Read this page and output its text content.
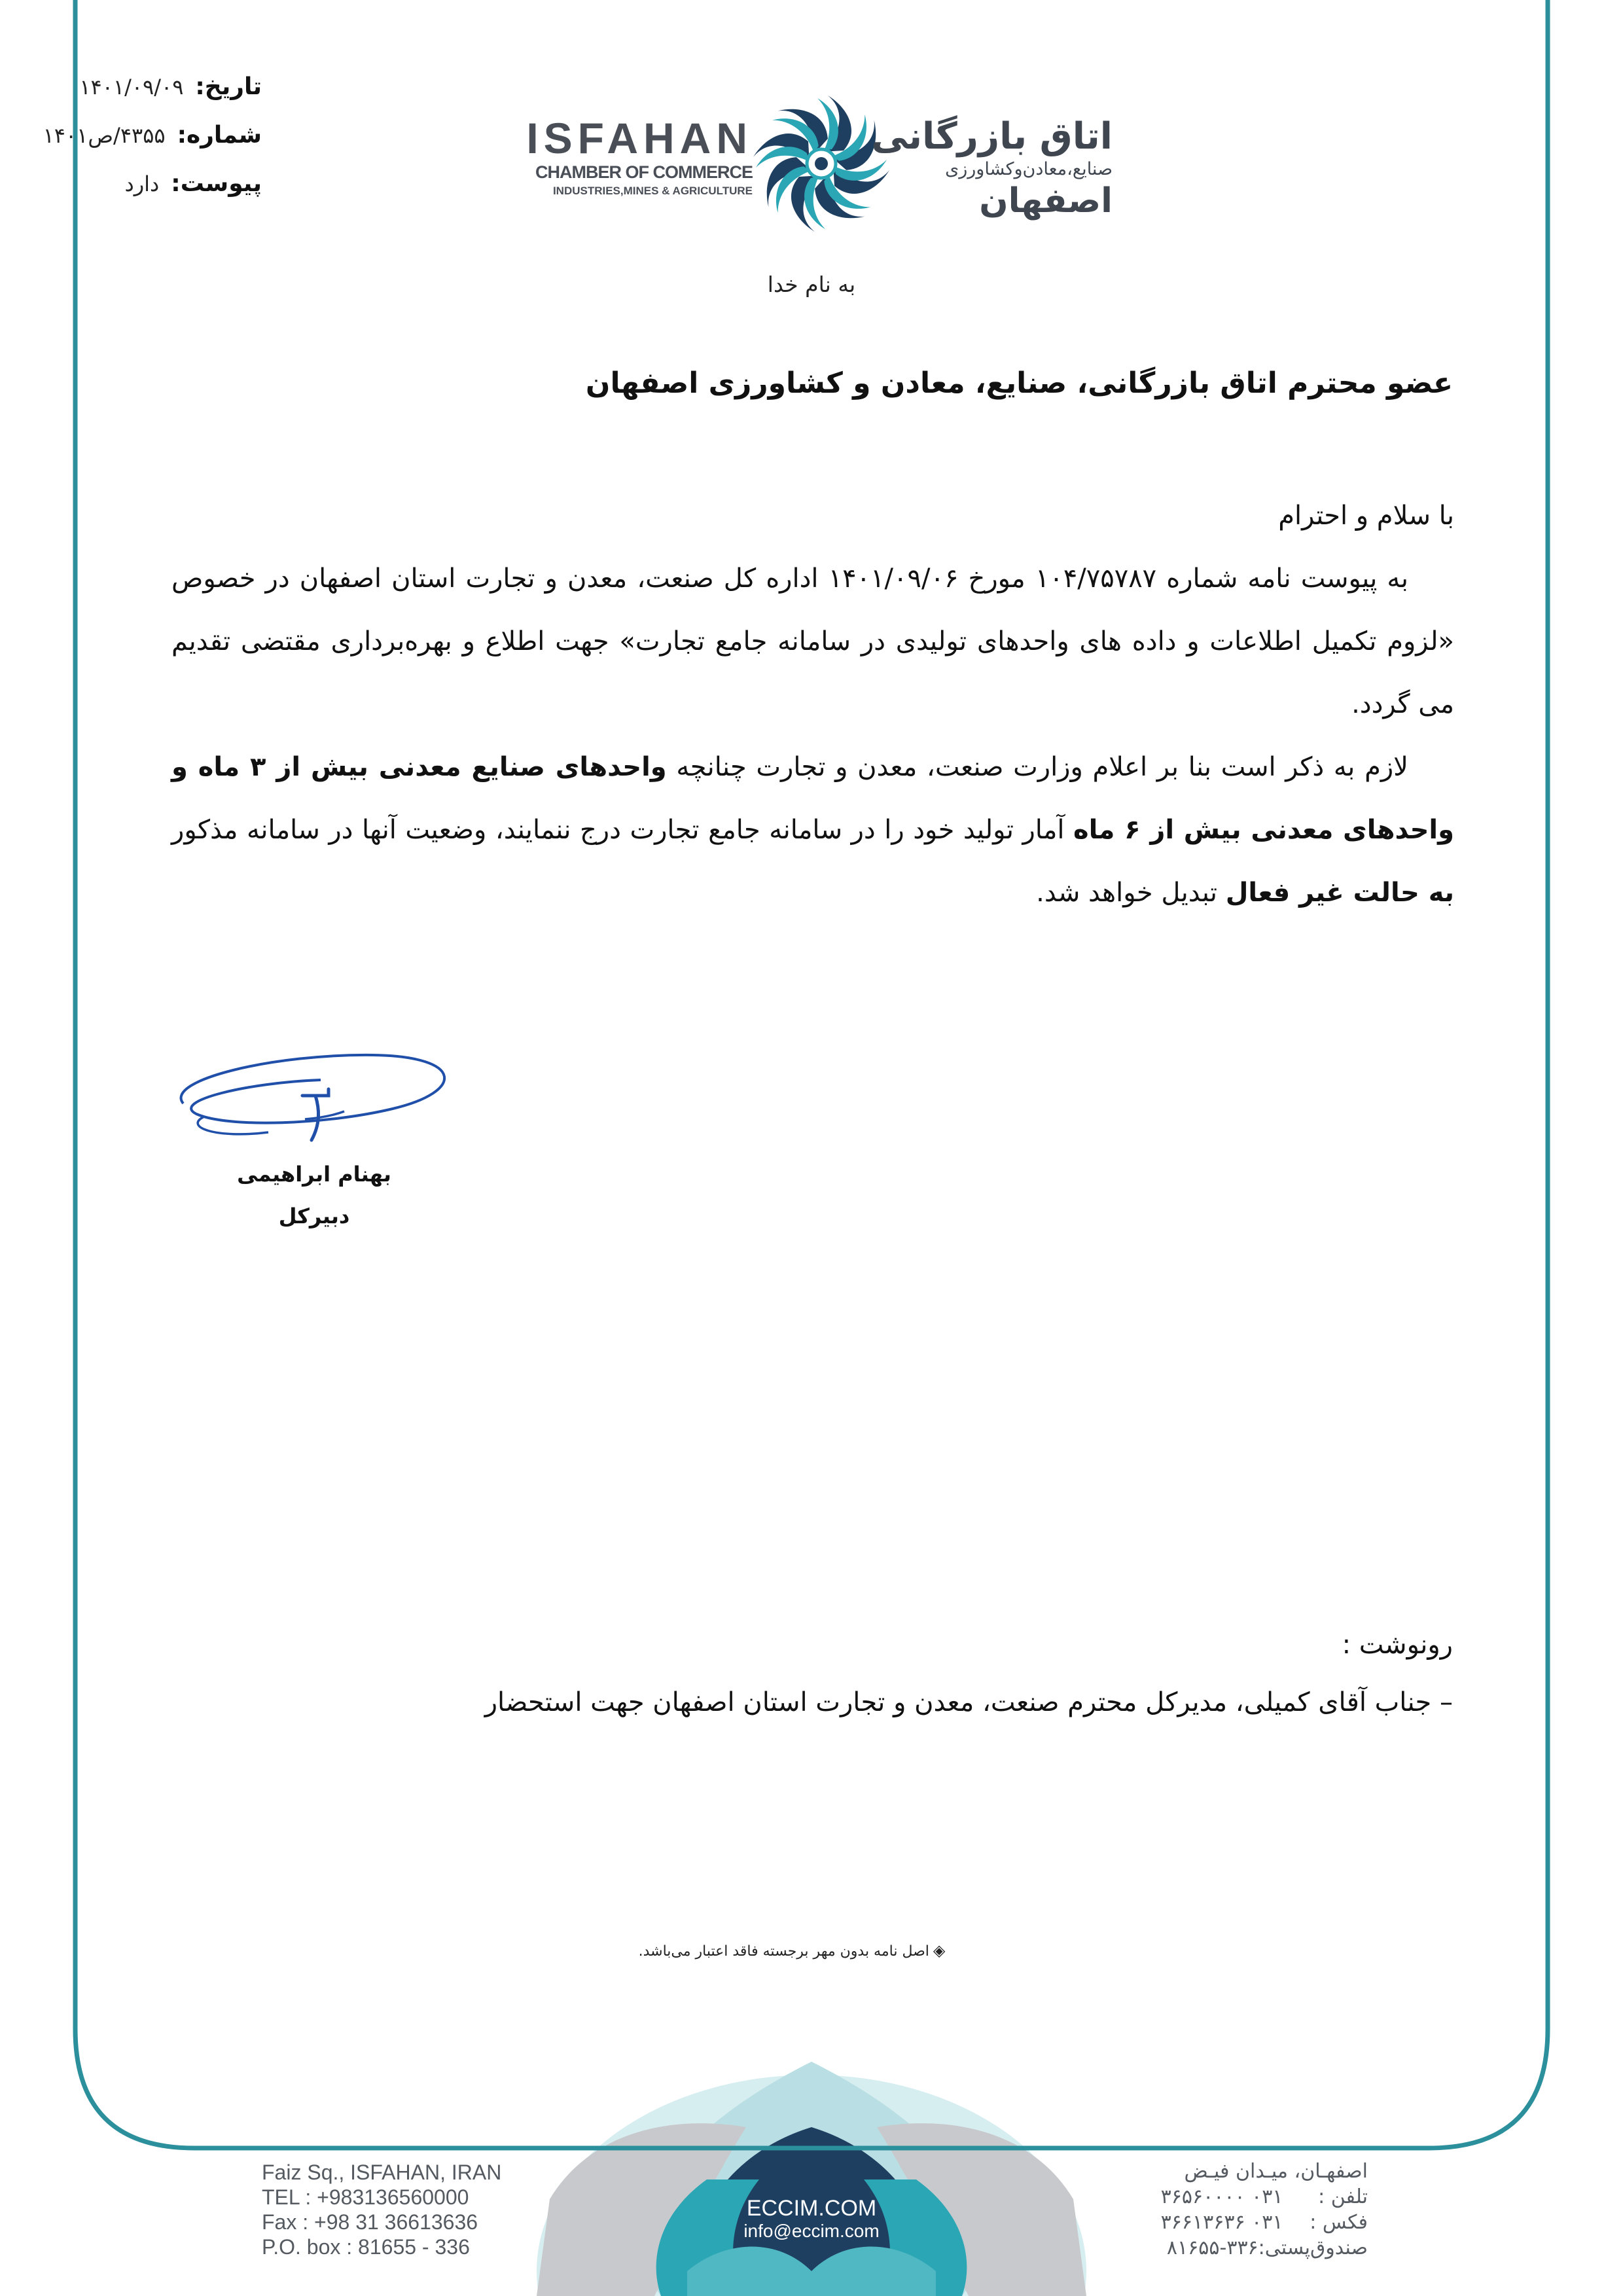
تاریخ:
۱۴۰۱/۰۹/۰۹
شماره:
۴۳۵۵/ص۱۴۰۱
پیوست:
دارد
ISFAHAN
CHAMBER OF COMMERCE
INDUSTRIES,MINES & AGRICULTURE
اتاق بازرگانی
صنایع،معادن‌وکشاورزی
اصفهان
به نام خدا
عضو محترم اتاق بازرگانی، صنایع، معادن و کشاورزی اصفهان

با سلام و احترام

به پیوست نامه شماره ۱۰۴/۷۵۷۸۷ مورخ ۱۴۰۱/۰۹/۰۶ اداره کل صنعت، معدن و تجارت استان اصفهان در خصوص «لزوم تکمیل اطلاعات و داده های واحدهای تولیدی در سامانه جامع تجارت» جهت اطلاع و بهره‌برداری مقتضی تقدیم می گردد.

لازم به ذکر است بنا بر اعلام وزارت صنعت، معدن و تجارت چنانچه واحدهای صنایع معدنی بیش از ۳ ماه و واحدهای معدنی بیش از ۶ ماه آمار تولید خود را در سامانه جامع تجارت درج ننمایند، وضعیت آنها در سامانه مذکور به حالت غیر فعال تبدیل خواهد شد.

بهنام ابراهیمی
دبیرکل
رونوشت :
– جناب آقای کمیلی، مدیرکل محترم صنعت، معدن و تجارت استان اصفهان جهت استحضار
◈اصل نامه بدون مهر برجسته فاقد اعتبار می‌باشد.
Faiz Sq., ISFAHAN, IRAN
TEL : +983136560000
Fax : +98 31 36613636
P.O. box : 81655 - 336
ECCIM.COM
info@eccim.com
اصفهـان، میـدان فیـض
تلفن : ۰۳۱ ۳۶۵۶۰۰۰۰
فکس : ۰۳۱ ۳۶۶۱۳۶۳۶
صندوق‌پستی:۳۳۶-۸۱۶۵۵
